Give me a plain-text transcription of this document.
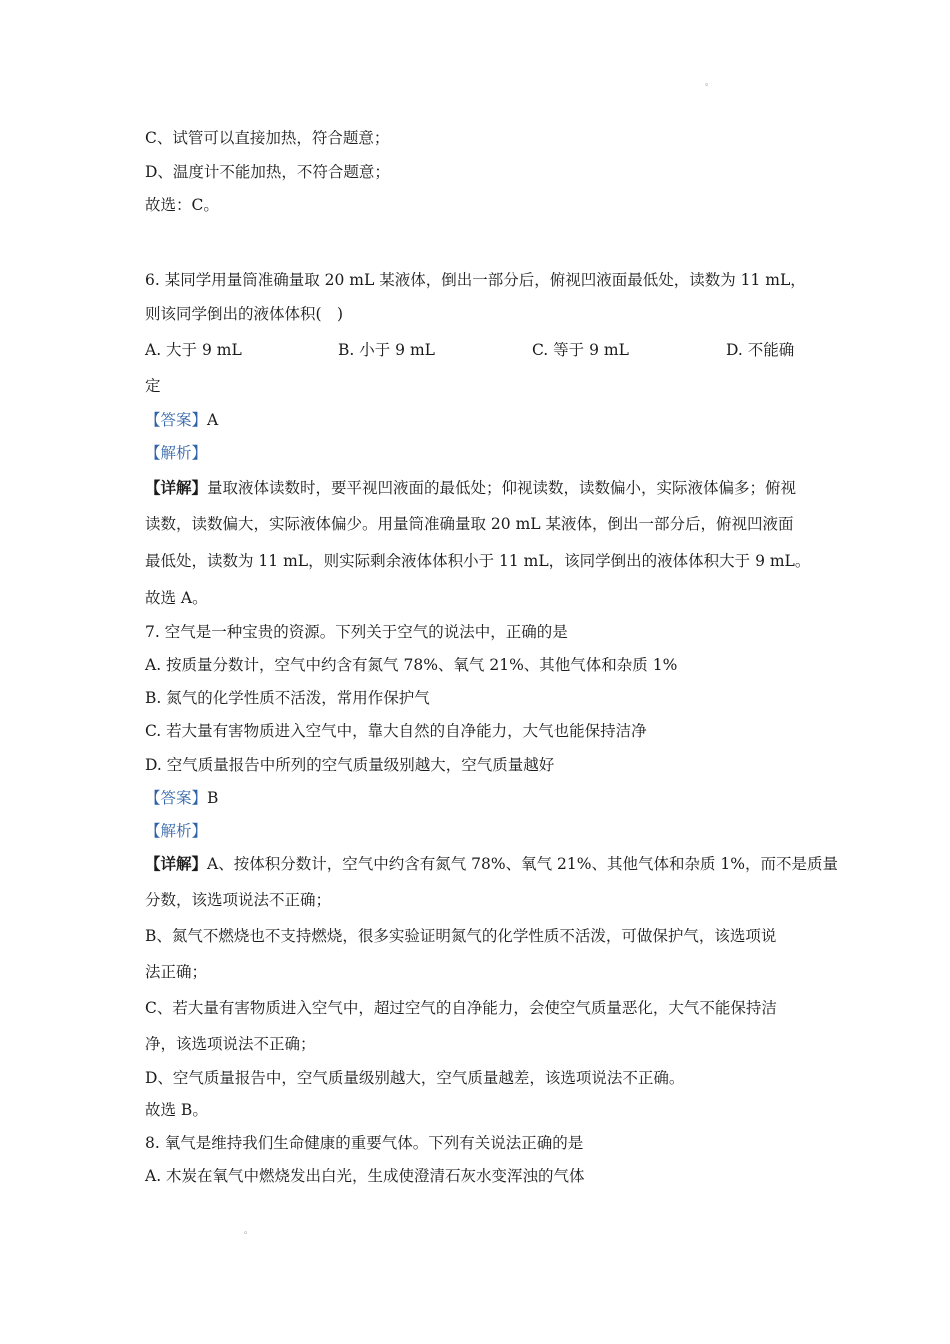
。
C、试管可以直接加热，符合题意；
D、温度计不能加热，不符合题意；
故选：C。
6. 某同学用量筒准确量取 20 mL 某液体，倒出一部分后，俯视凹液面最低处，读数为 11 mL，
则该同学倒出的液体体积(　)
A. 大于 9 mL	B. 小于 9 mL	C. 等于 9 mL	D. 不能确
定
【答案】A
【解析】
【详解】量取液体读数时，要平视凹液面的最低处；仰视读数，读数偏小，实际液体偏多；俯视
读数，读数偏大，实际液体偏少。用量筒准确量取 20 mL 某液体，倒出一部分后，俯视凹液面
最低处，读数为 11 mL，则实际剩余液体体积小于 11 mL，该同学倒出的液体体积大于 9 mL。
故选 A。
7. 空气是一种宝贵的资源。下列关于空气的说法中，正确的是
A. 按质量分数计，空气中约含有氮气 78%、氧气 21%、其他气体和杂质 1%
B. 氮气的化学性质不活泼，常用作保护气
C. 若大量有害物质进入空气中，靠大自然的自净能力，大气也能保持洁净
D. 空气质量报告中所列的空气质量级别越大，空气质量越好
【答案】B
【解析】
【详解】A、按体积分数计，空气中约含有氮气 78%、氧气 21%、其他气体和杂质 1%，而不是质量
分数，该选项说法不正确；
B、氮气不燃烧也不支持燃烧，很多实验证明氮气的化学性质不活泼，可做保护气，该选项说
法正确；
C、若大量有害物质进入空气中，超过空气的自净能力，会使空气质量恶化，大气不能保持洁
净，该选项说法不正确；
D、空气质量报告中，空气质量级别越大，空气质量越差，该选项说法不正确。
故选 B。
8. 氧气是维持我们生命健康的重要气体。下列有关说法正确的是
A. 木炭在氧气中燃烧发出白光，生成使澄清石灰水变浑浊的气体
。
